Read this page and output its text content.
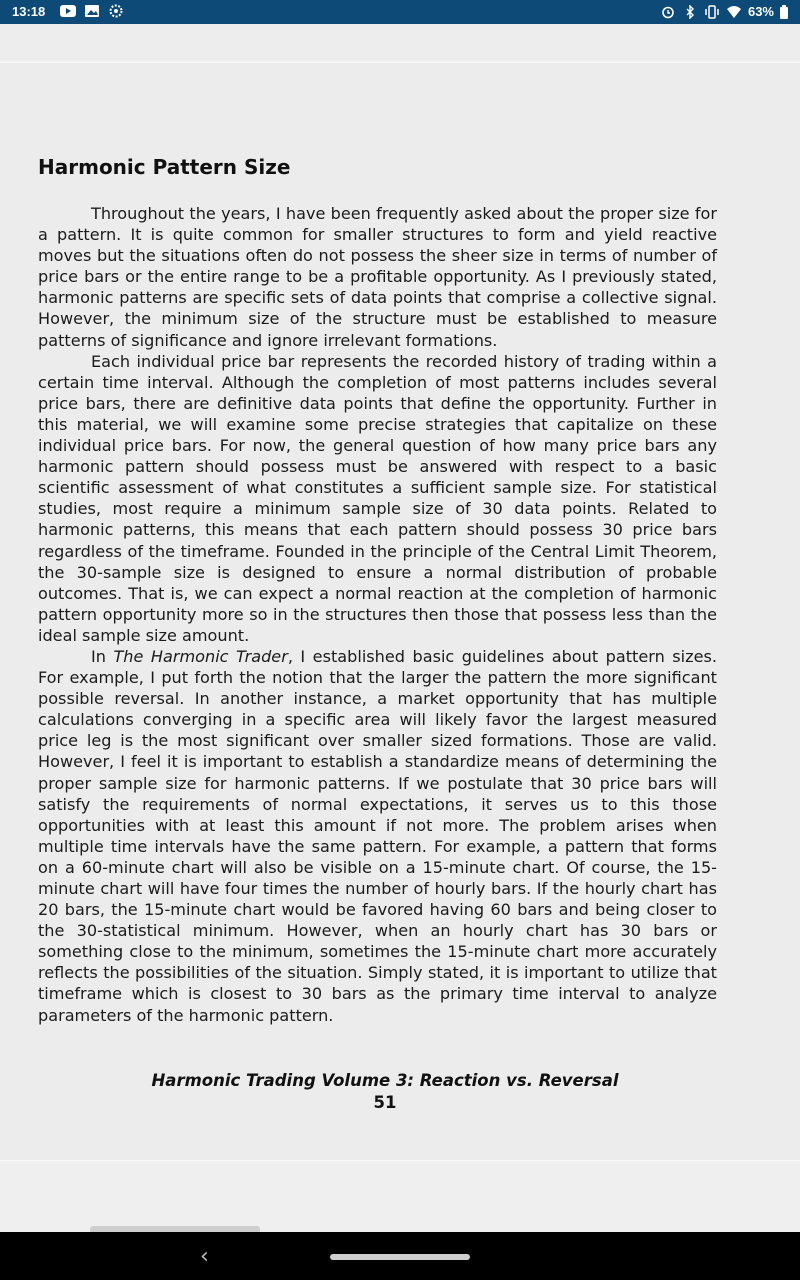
13:18	63%
Harmonic Pattern Size

Throughout the years, I have been frequently asked about the proper size for a pattern. It is quite common for smaller structures to form and yield reactive moves but the situations often do not possess the sheer size in terms of number of price bars or the entire range to be a profitable opportunity. As I previously stated, harmonic patterns are specific sets of data points that comprise a collective signal. However, the minimum size of the structure must be established to measure patterns of significance and ignore irrelevant formations.

Each individual price bar represents the recorded history of trading within a certain time interval. Although the completion of most patterns includes several price bars, there are definitive data points that define the opportunity. Further in this material, we will examine some precise strategies that capitalize on these individual price bars. For now, the general question of how many price bars any harmonic pattern should possess must be answered with respect to a basic scientific assessment of what constitutes a sufficient sample size. For statistical studies, most require a minimum sample size of 30 data points. Related to harmonic patterns, this means that each pattern should possess 30 price bars regardless of the timeframe. Founded in the principle of the Central Limit Theorem, the 30-sample size is designed to ensure a normal distribution of probable outcomes. That is, we can expect a normal reaction at the completion of harmonic pattern opportunity more so in the structures then those that possess less than the ideal sample size amount.

In The Harmonic Trader, I established basic guidelines about pattern sizes. For example, I put forth the notion that the larger the pattern the more significant possible reversal. In another instance, a market opportunity that has multiple calculations converging in a specific area will likely favor the largest measured price leg is the most significant over smaller sized formations. Those are valid. However, I feel it is important to establish a standardize means of determining the proper sample size for harmonic patterns. If we postulate that 30 price bars will satisfy the requirements of normal expectations, it serves us to this those opportunities with at least this amount if not more. The problem arises when multiple time intervals have the same pattern. For example, a pattern that forms on a 60-minute chart will also be visible on a 15-minute chart. Of course, the 15-minute chart will have four times the number of hourly bars. If the hourly chart has 20 bars, the 15-minute chart would be favored having 60 bars and being closer to the 30-statistical minimum. However, when an hourly chart has 30 bars or something close to the minimum, sometimes the 15-minute chart more accurately reflects the possibilities of the situation. Simply stated, it is important to utilize that timeframe which is closest to 30 bars as the primary time interval to analyze parameters of the harmonic pattern.

Harmonic Trading Volume 3: Reaction vs. Reversal
51
‹
